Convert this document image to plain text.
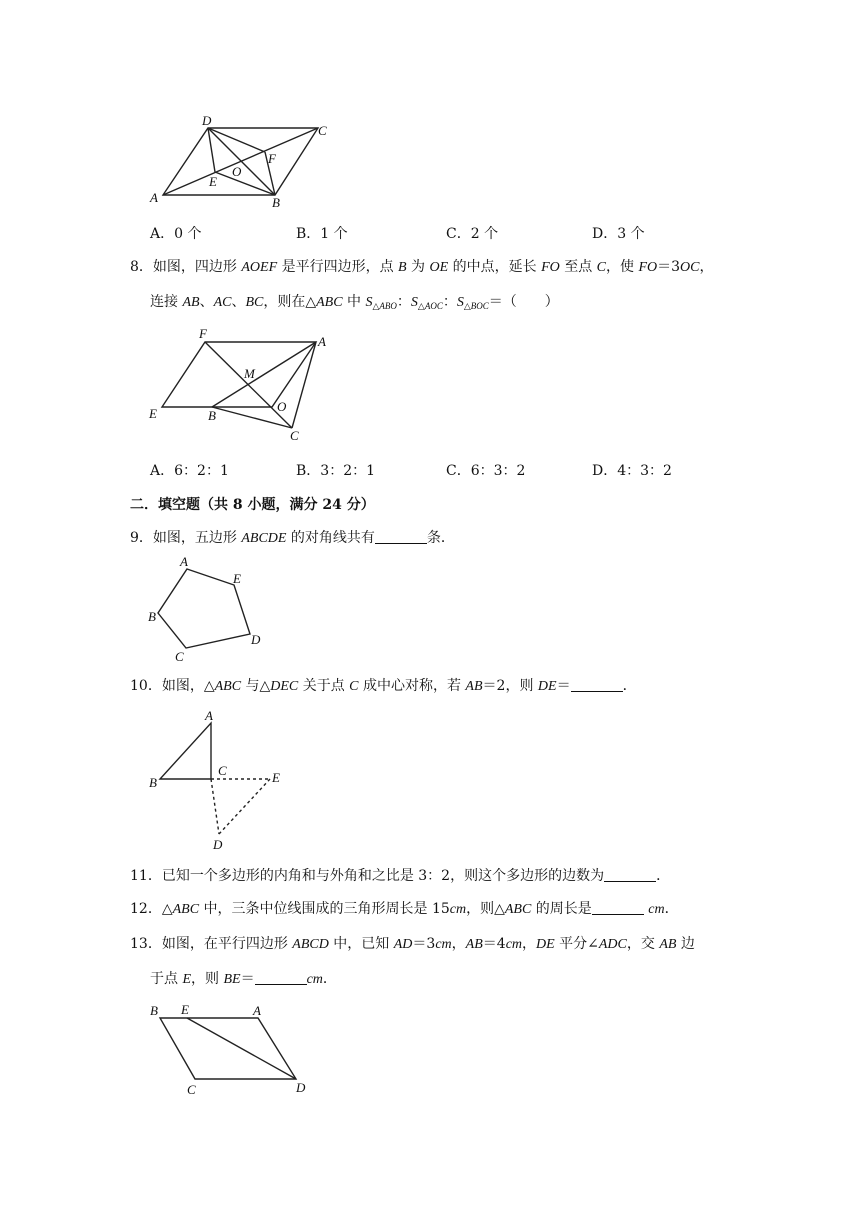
D
C
F
O
E
A	B
A．0 个	B．1 个	C．2 个	D．3 个
8．如图，四边形 AOEF 是平行四边形，点 B 为 OE 的中点，延长 FO 至点 C，使 FO＝3OC，
连接 AB、AC、BC，则在△ABC 中 $S_{\triangle ABO}$：$S_{\triangle AOC}$：$S_{\triangle BOC}=$（　　）
F
A
M
E	B
O
C
A．6：2：1	B．3：2：1	C．6：3：2	D．4：3：2
二．填空题（共 8 小题，满分 24 分）
9．如图，五边形 ABCDE 的对角线共有	条．
A
E
B
D
C
10．如图，△ABC 与△DEC 关于点 C 成中心对称，若 AB＝2，则 DE＝	．
A
B
C	E
D
11．已知一个多边形的内角和与外角和之比是 3：2，则这个多边形的边数为	．
12．△ABC 中，三条中位线围成的三角形周长是 15cm，则△ABC 的周长是	cm．
13．如图，在平行四边形 ABCD 中，已知 AD＝3cm，AB＝4cm，DE 平分∠ADC，交 AB 边
于点 E，则 BE＝	cm．
B E	A
C	D
